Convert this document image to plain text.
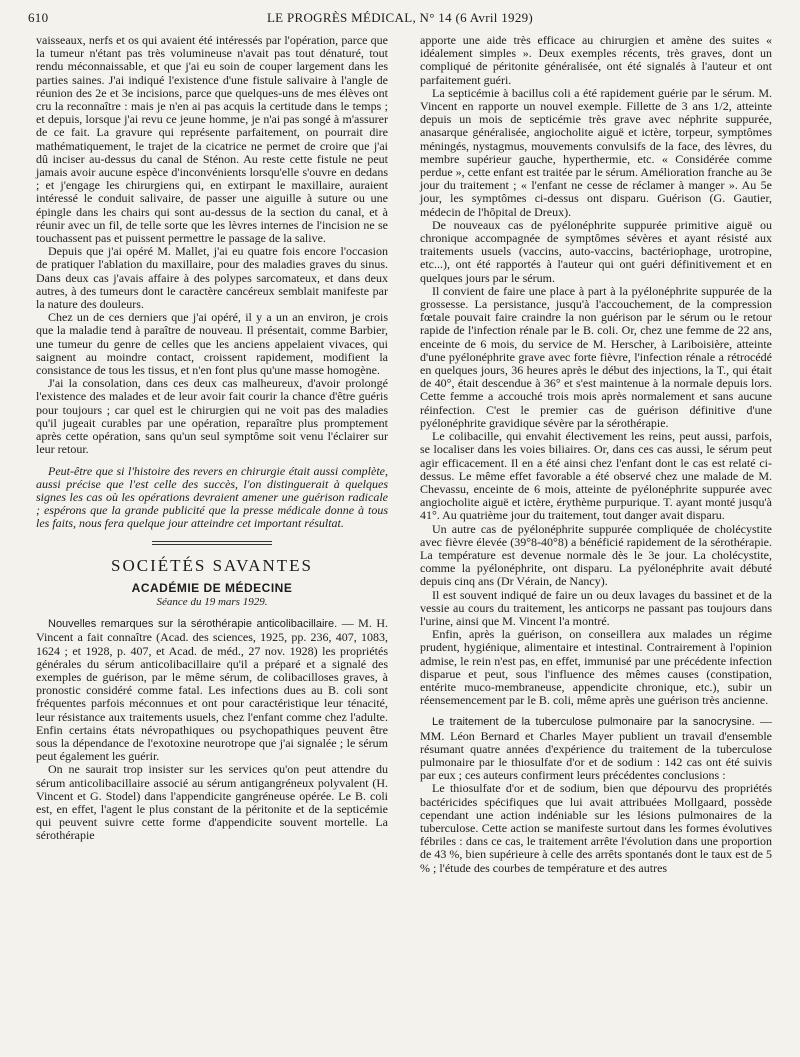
610	LE PROGRÈS MÉDICAL, N° 14 (6 Avril 1929)

vaisseaux, nerfs et os qui avaient été intéressés par l'opération, parce que la tumeur n'étant pas très volumineuse n'avait pas tout dénaturé, tout rendu méconnaissable, et que j'ai eu soin de couper largement dans les parties saines. J'ai indiqué l'existence d'une fistule salivaire à l'angle de réunion des 2e et 3e incisions, parce que quelques-uns de mes élèves ont cru la reconnaître : mais je n'en ai pas acquis la certitude dans le temps ; et depuis, lorsque j'ai revu ce jeune homme, je n'ai pas songé à m'assurer de ce fait. La gravure qui représente parfaitement, on pourrait dire mathématiquement, le trajet de la cicatrice ne permet de croire que j'ai dû inciser au-dessus du canal de Sténon. Au reste cette fistule ne peut jamais avoir aucune espèce d'inconvénients lorsqu'elle s'ouvre en dedans ; et j'engage les chirurgiens qui, en extirpant le maxillaire, auraient intéressé le conduit salivaire, de passer une aiguille à suture ou une épingle dans les chairs qui sont au-dessus de la section du canal, et à réunir avec un fil, de telle sorte que les lèvres internes de l'incision ne se touchassent pas et puissent permettre le passage de la salive.

Depuis que j'ai opéré M. Mallet, j'ai eu quatre fois encore l'occasion de pratiquer l'ablation du maxillaire, pour des maladies graves du sinus. Dans deux cas j'avais affaire à des polypes sarcomateux, et dans deux autres, à des tumeurs dont le caractère cancéreux semblait manifeste par la nature des douleurs.

Chez un de ces derniers que j'ai opéré, il y a un an environ, je crois que la maladie tend à paraître de nouveau. Il présentait, comme Barbier, une tumeur du genre de celles que les anciens appelaient vivaces, qui saignent au moindre contact, croissent rapidement, modifient la consistance de tous les tissus, et n'en font plus qu'une masse homogène.

J'ai la consolation, dans ces deux cas malheureux, d'avoir prolongé l'existence des malades et de leur avoir fait courir la chance d'être guéris pour toujours ; car quel est le chirurgien qui ne voit pas des maladies qu'il jugeait curables par une opération, reparaître plus promptement après cette opération, sans qu'un seul symptôme soit venu l'éclairer sur leur retour.

Peut-être que si l'histoire des revers en chirurgie était aussi complète, aussi précise que l'est celle des succès, l'on distinguerait à quelques signes les cas où les opérations devraient amener une guérison radicale ; espérons que la grande publicité que la presse médicale donne à tous les faits, nous fera quelque jour atteindre cet important résultat.

SOCIÉTÉS SAVANTES
ACADÉMIE DE MÉDECINE
Séance du 19 mars 1929.

Nouvelles remarques sur la sérothérapie anticolibacillaire. — M. H. Vincent a fait connaître (Acad. des sciences, 1925, pp. 236, 407, 1083, 1624 ; et 1928, p. 407, et Acad. de méd., 27 nov. 1928) les propriétés générales du sérum anticolibacillaire qu'il a préparé et a signalé des exemples de guérison, par le même sérum, de colibacilloses graves, à pronostic considéré comme fatal. Les infections dues au B. coli sont fréquentes parfois méconnues et ont pour caractéristique leur ténacité, leur résistance aux traitements usuels, chez l'enfant comme chez l'adulte. Enfin certains états névropathiques ou psychopathiques peuvent être sous la dépendance de l'exotoxine neurotrope que j'ai signalée ; le sérum peut également les guérir.

On ne saurait trop insister sur les services qu'on peut attendre du sérum anticolibacillaire associé au sérum antigangréneux polyvalent (H. Vincent et G. Stodel) dans l'appendicite gangréneuse opérée. Le B. coli est, en effet, l'agent le plus constant de la péritonite et de la septicémie qui peuvent suivre cette forme d'appendicite souvent mortelle. La sérothérapie

apporte une aide très efficace au chirurgien et amène des suites « idéalement simples ». Deux exemples récents, très graves, dont un compliqué de péritonite généralisée, ont été signalés à l'auteur et ont parfaitement guéri.

La septicémie à bacillus coli a été rapidement guérie par le sérum. M. Vincent en rapporte un nouvel exemple. Fillette de 3 ans 1/2, atteinte depuis un mois de septicémie très grave avec néphrite suppurée, anasarque généralisée, angiocholite aiguë et ictère, torpeur, symptômes méningés, nystagmus, mouvements convulsifs de la face, des lèvres, du membre supérieur gauche, hyperthermie, etc. « Considérée comme perdue », cette enfant est traitée par le sérum. Amélioration franche au 3e jour du traitement ; « l'enfant ne cesse de réclamer à manger ». Au 5e jour, les symptômes ci-dessus ont disparu. Guérison (G. Gautier, médecin de l'hôpital de Dreux).

De nouveaux cas de pyélonéphrite suppurée primitive aiguë ou chronique accompagnée de symptômes sévères et ayant résisté aux traitements usuels (vaccins, auto-vaccins, bactériophage, urotropine, etc...), ont été rapportés à l'auteur qui ont guéri définitivement et en quelques jours par le sérum.

Il convient de faire une place à part à la pyélonéphrite suppurée de la grossesse. La persistance, jusqu'à l'accouchement, de la compression fœtale pouvait faire craindre la non guérison par le sérum ou le retour rapide de l'infection rénale par le B. coli. Or, chez une femme de 22 ans, enceinte de 6 mois, du service de M. Herscher, à Lariboisière, atteinte d'une pyélonéphrite grave avec forte fièvre, l'infection rénale a rétrocédé en quelques jours, 36 heures après le début des injections, la T., qui était de 40°, était descendue à 36° et s'est maintenue à la normale depuis lors. Cette femme a accouché trois mois après normalement et sans aucune réinfection. C'est le premier cas de guérison définitive d'une pyélonéphrite gravidique sévère par la sérothérapie.

Le colibacille, qui envahit électivement les reins, peut aussi, parfois, se localiser dans les voies biliaires. Or, dans ces cas aussi, le sérum peut agir efficacement. Il en a été ainsi chez l'enfant dont le cas est relaté ci-dessus. Le même effet favorable a été observé chez une malade de M. Chevassu, enceinte de 6 mois, atteinte de pyélonéphrite suppurée avec angiocholite aiguë et ictère, érythème purpurique. T. ayant monté jusqu'à 41°. Au quatrième jour du traitement, tout danger avait disparu.

Un autre cas de pyélonéphrite suppurée compliquée de cholécystite avec fièvre élevée (39°8-40°8) a bénéficié rapidement de la sérothérapie. La température est devenue normale dès le 3e jour. La cholécystite, comme la pyélonéphrite, ont disparu. La pyélonéphrite avait débuté depuis cinq ans (Dr Vérain, de Nancy).

Il est souvent indiqué de faire un ou deux lavages du bassinet et de la vessie au cours du traitement, les anticorps ne passant pas toujours dans l'urine, ainsi que M. Vincent l'a montré.

Enfin, après la guérison, on conseillera aux malades un régime prudent, hygiénique, alimentaire et intestinal. Contrairement à l'opinion admise, le rein n'est pas, en effet, immunisé par une précédente infection disparue et peut, sous l'influence des mêmes causes (constipation, entérite muco-membraneuse, appendicite chronique, etc.), subir un réensemencement par le B. coli, même après une guérison très ancienne.

Le traitement de la tuberculose pulmonaire par la sanocrysine. — MM. Léon Bernard et Charles Mayer publient un travail d'ensemble résumant quatre années d'expérience du traitement de la tuberculose pulmonaire par le thiosulfate d'or et de sodium : 142 cas ont été suivis par eux ; ces auteurs confirment leurs précédentes conclusions :

Le thiosulfate d'or et de sodium, bien que dépourvu des propriétés bactéricides spécifiques que lui avait attribuées Mollgaard, possède cependant une action indéniable sur les lésions pulmonaires de la tuberculose. Cette action se manifeste surtout dans les formes évolutives fébriles : dans ce cas, le traitement arrête l'évolution dans une proportion de 43 %, bien supérieure à celle des arrêts spontanés dont le taux est de 5 % ; l'étude des courbes de température et des autres
